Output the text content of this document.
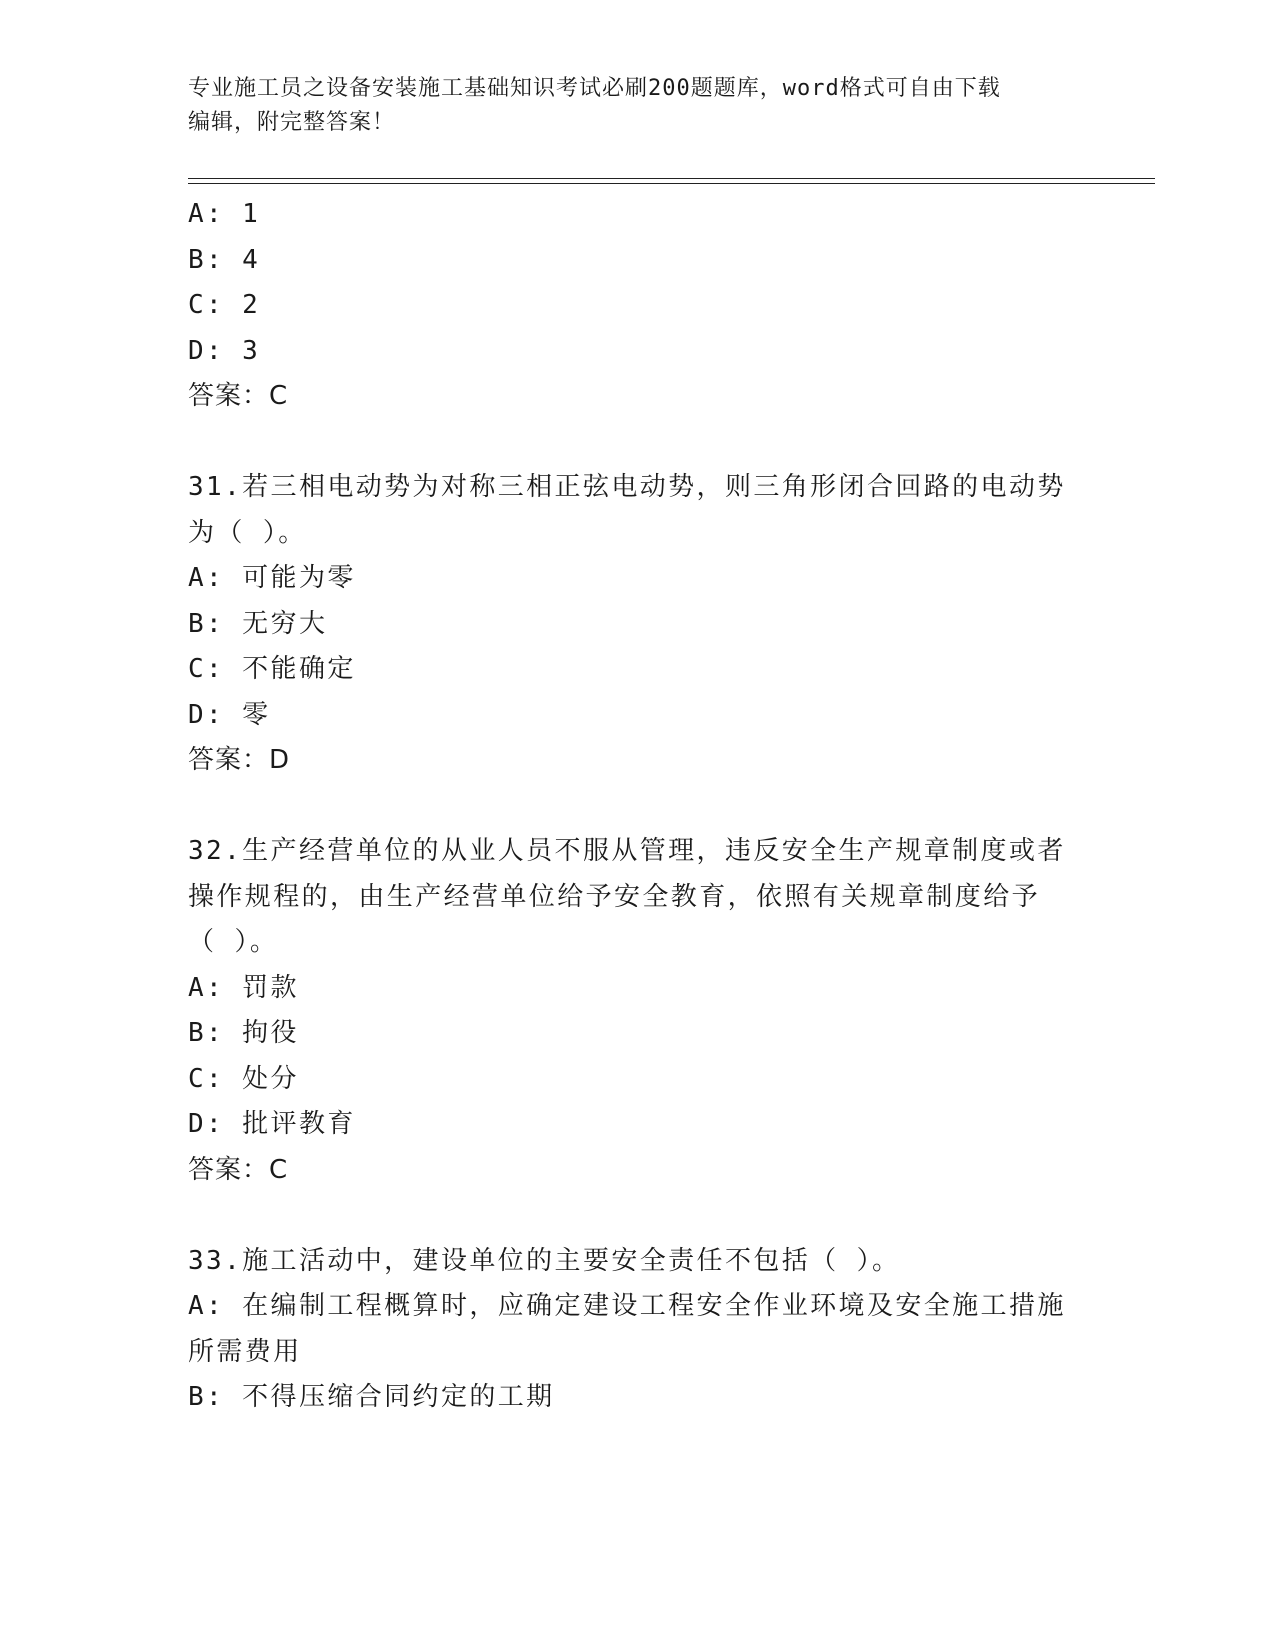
专业施工员之设备安装施工基础知识考试必刷200题题库，word格式可自由下载
编辑，附完整答案！
A: 1
B: 4
C: 2
D: 3
答案：C
31.若三相电动势为对称三相正弦电动势，则三角形闭合回路的电动势
为（ ）。
A: 可能为零
B: 无穷大
C: 不能确定
D: 零
答案：D
32.生产经营单位的从业人员不服从管理，违反安全生产规章制度或者
操作规程的，由生产经营单位给予安全教育，依照有关规章制度给予
（ ）。
A: 罚款
B: 拘役
C: 处分
D: 批评教育
答案：C
33.施工活动中，建设单位的主要安全责任不包括（ ）。
A: 在编制工程概算时，应确定建设工程安全作业环境及安全施工措施
所需费用
B: 不得压缩合同约定的工期
